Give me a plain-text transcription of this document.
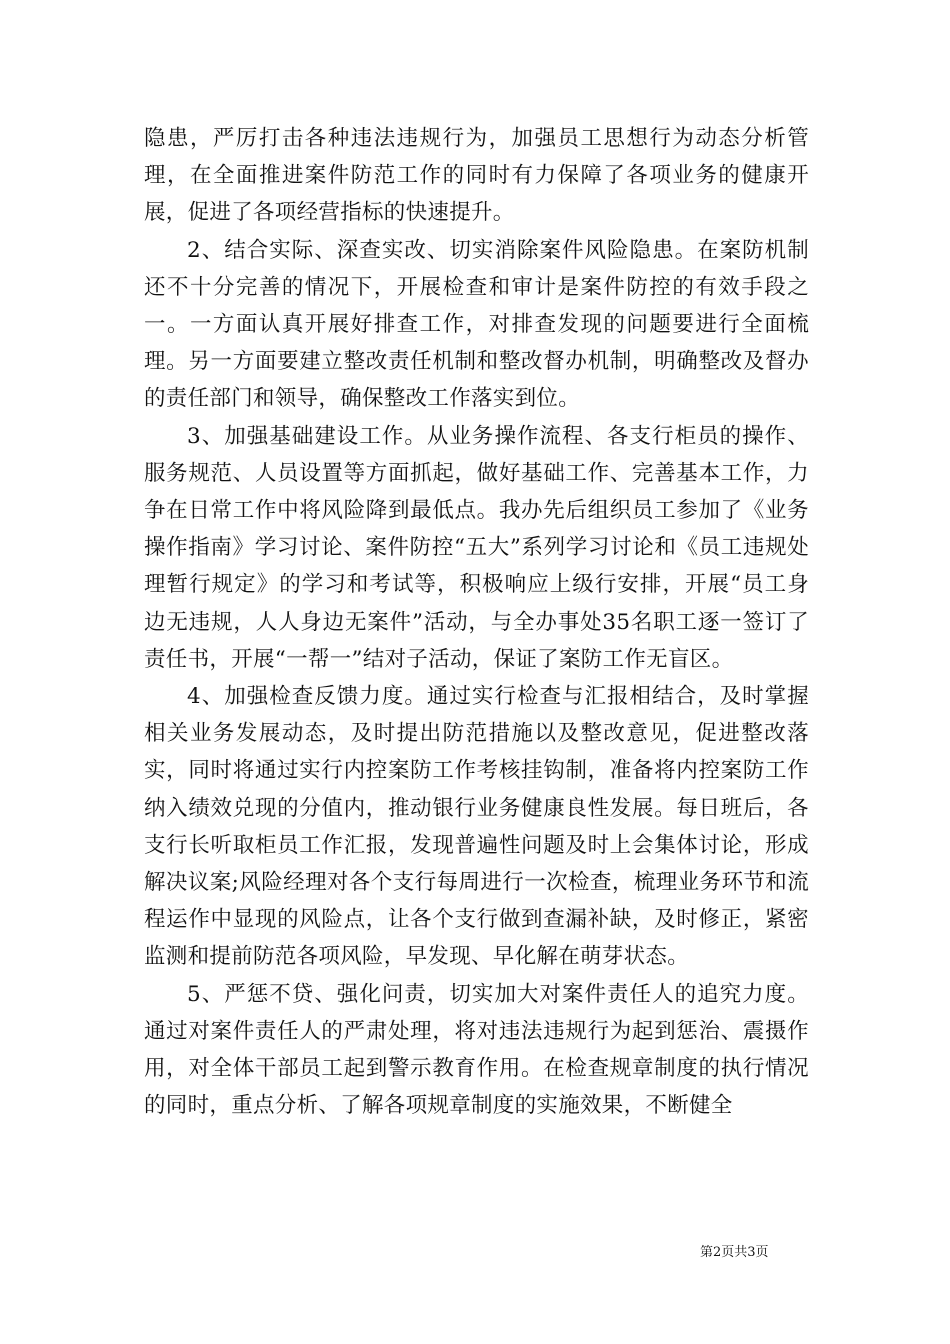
隐患，严厉打击各种违法违规行为，加强员工思想行为动态分析管理，在全面推进案件防范工作的同时有力保障了各项业务的健康开展，促进了各项经营指标的快速提升。

2、结合实际、深查实改、切实消除案件风险隐患。在案防机制还不十分完善的情况下，开展检查和审计是案件防控的有效手段之一。一方面认真开展好排查工作，对排查发现的问题要进行全面梳理。另一方面要建立整改责任机制和整改督办机制，明确整改及督办的责任部门和领导，确保整改工作落实到位。

3、加强基础建设工作。从业务操作流程、各支行柜员的操作、服务规范、人员设置等方面抓起，做好基础工作、完善基本工作，力争在日常工作中将风险降到最低点。我办先后组织员工参加了《业务操作指南》学习讨论、案件防控“五大”系列学习讨论和《员工违规处理暂行规定》的学习和考试等，积极响应上级行安排，开展“员工身边无违规，人人身边无案件”活动，与全办事处35名职工逐一签订了责任书，开展“一帮一”结对子活动，保证了案防工作无盲区。

4、加强检查反馈力度。通过实行检查与汇报相结合，及时掌握相关业务发展动态，及时提出防范措施以及整改意见，促进整改落实，同时将通过实行内控案防工作考核挂钩制，准备将内控案防工作纳入绩效兑现的分值内，推动银行业务健康良性发展。每日班后，各支行长听取柜员工作汇报，发现普遍性问题及时上会集体讨论，形成解决议案;风险经理对各个支行每周进行一次检查，梳理业务环节和流程运作中显现的风险点，让各个支行做到查漏补缺，及时修正，紧密监测和提前防范各项风险，早发现、早化解在萌芽状态。

5、严惩不贷、强化问责，切实加大对案件责任人的追究力度。通过对案件责任人的严肃处理，将对违法违规行为起到惩治、震摄作用，对全体干部员工起到警示教育作用。在检查规章制度的执行情况的同时，重点分析、了解各项规章制度的实施效果，不断健全

第2页共3页
